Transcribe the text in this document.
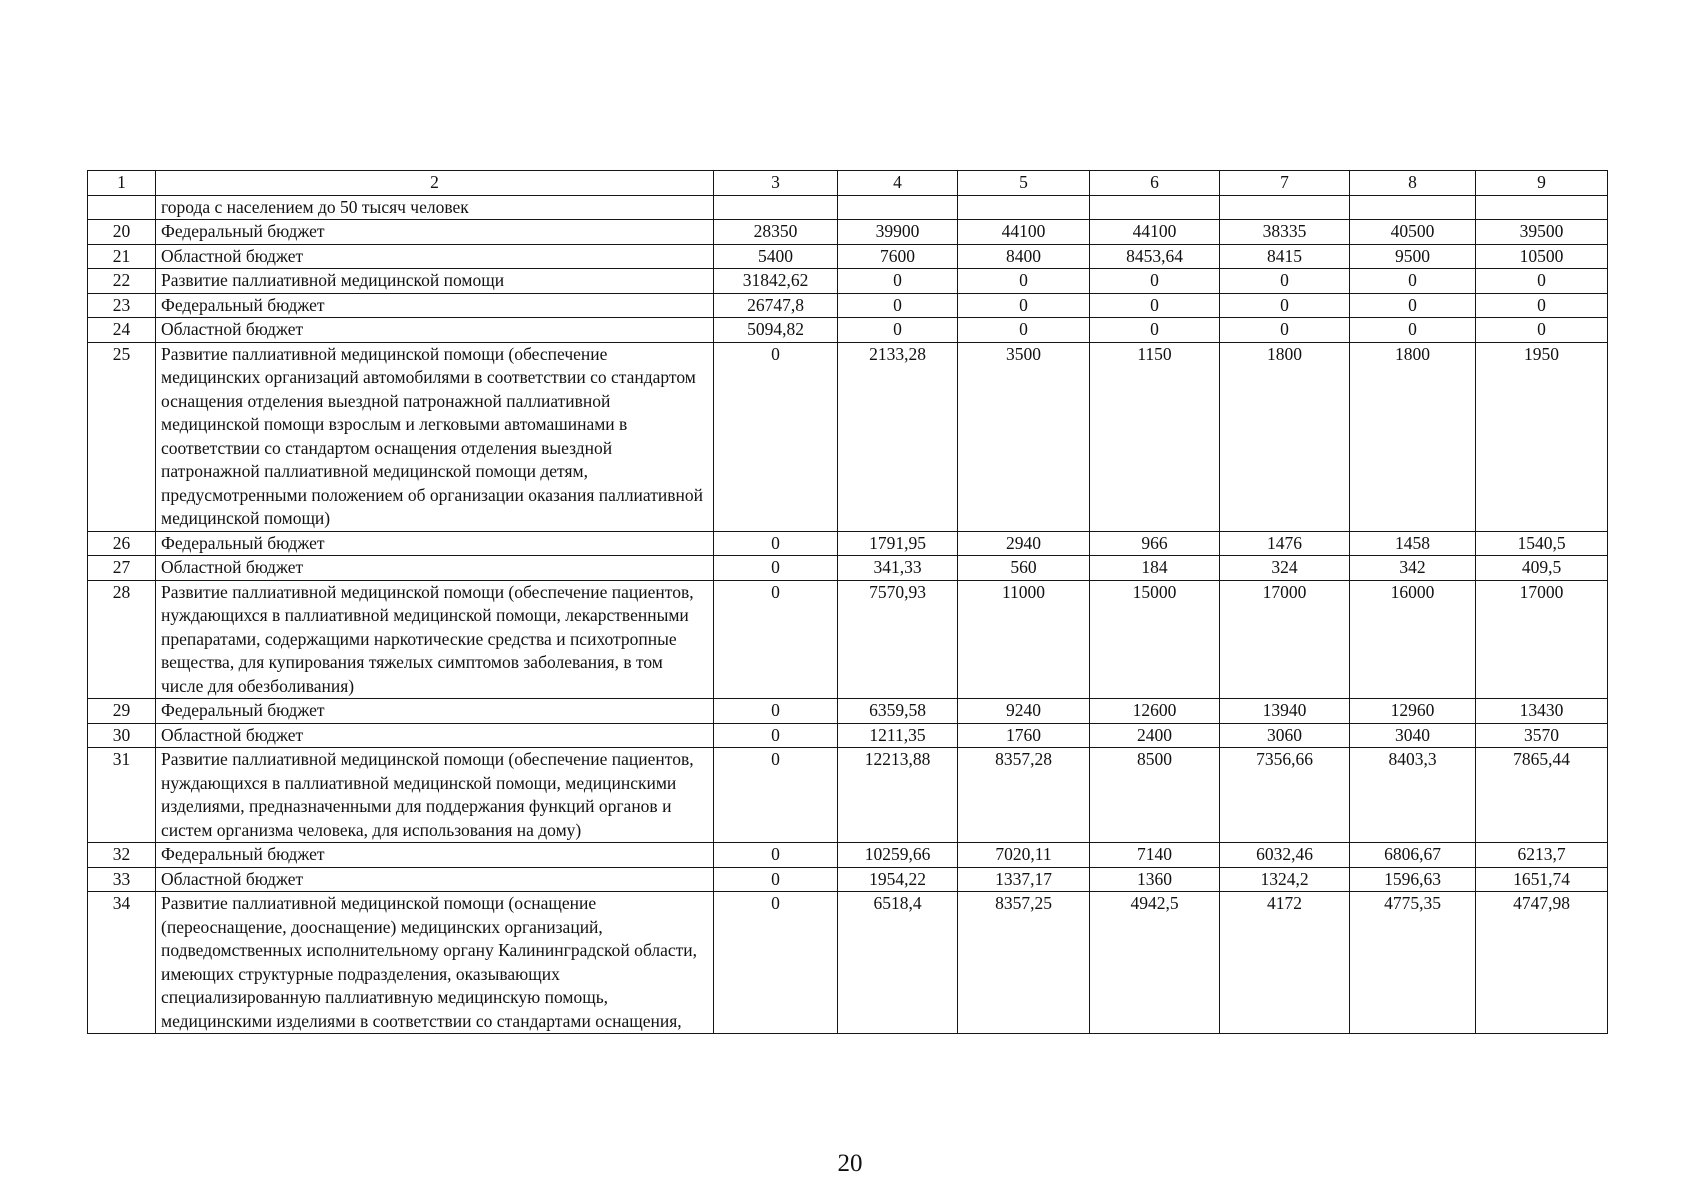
1	2	3	4	5	6	7	8	9
	города с населением до 50 тысяч человек							
20	Федеральный бюджет	28350	39900	44100	44100	38335	40500	39500
21	Областной бюджет	5400	7600	8400	8453,64	8415	9500	10500
22	Развитие паллиативной медицинской помощи	31842,62	0	0	0	0	0	0
23	Федеральный бюджет	26747,8	0	0	0	0	0	0
24	Областной бюджет	5094,82	0	0	0	0	0	0
25	Развитие паллиативной медицинской помощи (обеспечение медицинских организаций автомобилями в соответствии со стандартом оснащения отделения выездной патронажной паллиативной медицинской помощи взрослым и легковыми автомашинами в соответствии со стандартом оснащения отделения выездной патронажной паллиативной медицинской помощи детям, предусмотренными положением об организации оказания паллиативной медицинской помощи)	0	2133,28	3500	1150	1800	1800	1950
26	Федеральный бюджет	0	1791,95	2940	966	1476	1458	1540,5
27	Областной бюджет	0	341,33	560	184	324	342	409,5
28	Развитие паллиативной медицинской помощи (обеспечение пациентов, нуждающихся в паллиативной медицинской помощи, лекарственными препаратами, содержащими наркотические средства и психотропные вещества, для купирования тяжелых симптомов заболевания, в том числе для обезболивания)	0	7570,93	11000	15000	17000	16000	17000
29	Федеральный бюджет	0	6359,58	9240	12600	13940	12960	13430
30	Областной бюджет	0	1211,35	1760	2400	3060	3040	3570
31	Развитие паллиативной медицинской помощи (обеспечение пациентов, нуждающихся в паллиативной медицинской помощи, медицинскими изделиями, предназначенными для поддержания функций органов и систем организма человека, для использования на дому)	0	12213,88	8357,28	8500	7356,66	8403,3	7865,44
32	Федеральный бюджет	0	10259,66	7020,11	7140	6032,46	6806,67	6213,7
33	Областной бюджет	0	1954,22	1337,17	1360	1324,2	1596,63	1651,74
34	Развитие паллиативной медицинской помощи (оснащение (переоснащение, дооснащение) медицинских организаций, подведомственных исполнительному органу Калининградской области, имеющих структурные подразделения, оказывающих специализированную паллиативную медицинскую помощь, медицинскими изделиями в соответствии со стандартами оснащения,	0	6518,4	8357,25	4942,5	4172	4775,35	4747,98
20
